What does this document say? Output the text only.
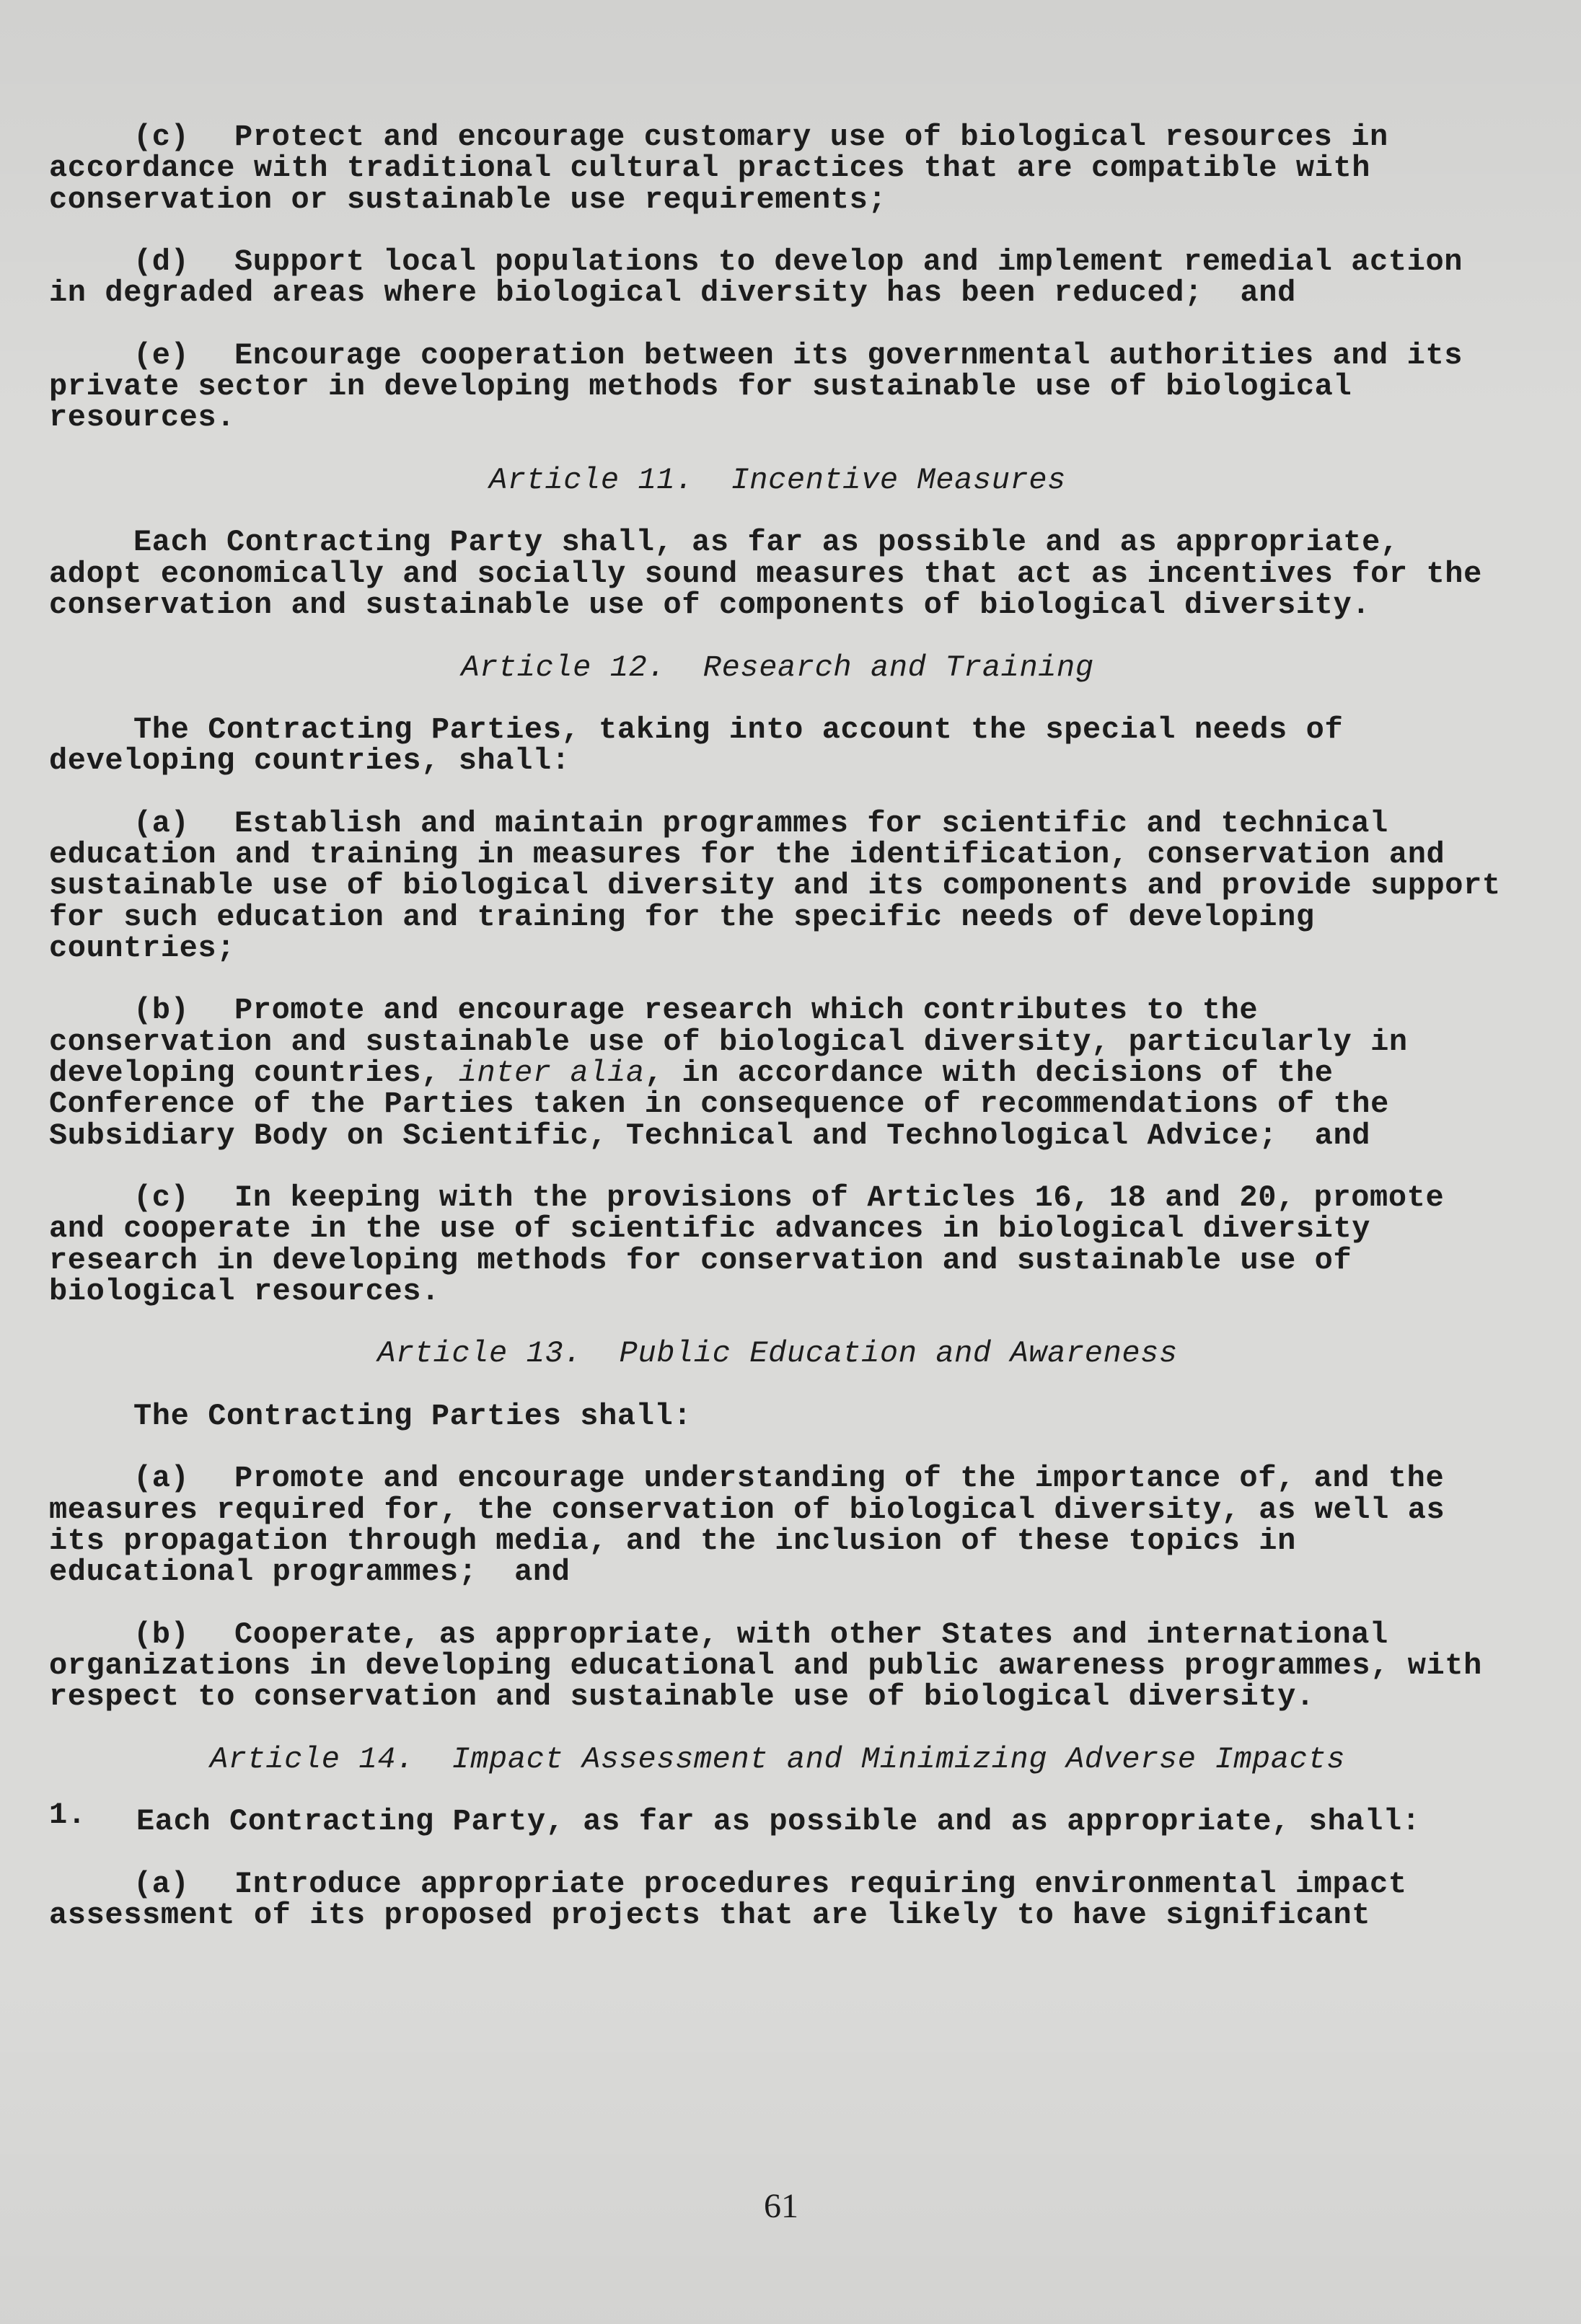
(c) Protect and encourage customary use of biological resources in
accordance with traditional cultural practices that are compatible with
conservation or sustainable use requirements;
(d) Support local populations to develop and implement remedial action
in degraded areas where biological diversity has been reduced;  and
(e) Encourage cooperation between its governmental authorities and its
private sector in developing methods for sustainable use of biological
resources.
Article 11.  Incentive Measures
Each Contracting Party shall, as far as possible and as appropriate,
adopt economically and socially sound measures that act as incentives for the
conservation and sustainable use of components of biological diversity.
Article 12.  Research and Training
The Contracting Parties, taking into account the special needs of
developing countries, shall:
(a) Establish and maintain programmes for scientific and technical
education and training in measures for the identification, conservation and
sustainable use of biological diversity and its components and provide support
for such education and training for the specific needs of developing
countries;
(b) Promote and encourage research which contributes to the
conservation and sustainable use of biological diversity, particularly in
developing countries, inter alia, in accordance with decisions of the
Conference of the Parties taken in consequence of recommendations of the
Subsidiary Body on Scientific, Technical and Technological Advice;  and
(c) In keeping with the provisions of Articles 16, 18 and 20, promote
and cooperate in the use of scientific advances in biological diversity
research in developing methods for conservation and sustainable use of
biological resources.
Article 13.  Public Education and Awareness
The Contracting Parties shall:
(a) Promote and encourage understanding of the importance of, and the
measures required for, the conservation of biological diversity, as well as
its propagation through media, and the inclusion of these topics in
educational programmes;  and
(b) Cooperate, as appropriate, with other States and international
organizations in developing educational and public awareness programmes, with
respect to conservation and sustainable use of biological diversity.
Article 14.  Impact Assessment and Minimizing Adverse Impacts
1. Each Contracting Party, as far as possible and as appropriate, shall:
(a) Introduce appropriate procedures requiring environmental impact
assessment of its proposed projects that are likely to have significant
61
